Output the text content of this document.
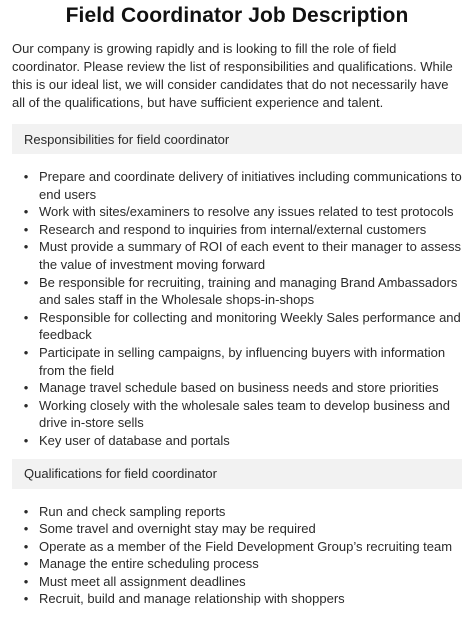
Field Coordinator Job Description

Our company is growing rapidly and is looking to fill the role of field coordinator. Please review the list of responsibilities and qualifications. While this is our ideal list, we will consider candidates that do not necessarily have all of the qualifications, but have sufficient experience and talent.

Responsibilities for field coordinator
• Prepare and coordinate delivery of initiatives including communications to end users
• Work with sites/examiners to resolve any issues related to test protocols
• Research and respond to inquiries from internal/external customers
• Must provide a summary of ROI of each event to their manager to assess the value of investment moving forward
• Be responsible for recruiting, training and managing Brand Ambassadors and sales staff in the Wholesale shops-in-shops
• Responsible for collecting and monitoring Weekly Sales performance and feedback
• Participate in selling campaigns, by influencing buyers with information from the field
• Manage travel schedule based on business needs and store priorities
• Working closely with the wholesale sales team to develop business and drive in-store sells
• Key user of database and portals
Qualifications for field coordinator
• Run and check sampling reports
• Some travel and overnight stay may be required
• Operate as a member of the Field Development Group’s recruiting team
• Manage the entire scheduling process
• Must meet all assignment deadlines
• Recruit, build and manage relationship with shoppers
